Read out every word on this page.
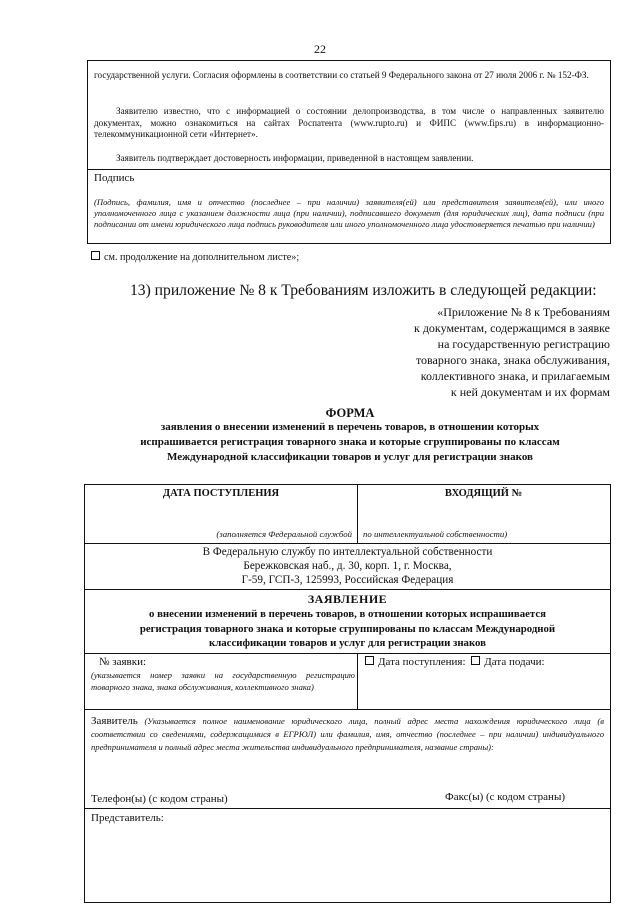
22
государственной услуги. Согласия оформлены в соответствии со статьей 9 Федерального закона от 27 июля 2006 г. № 152-ФЗ.
Заявителю известно, что с информацией о состоянии делопроизводства, в том числе о направленных заявителю документах, можно ознакомиться на сайтах Роспатента (www.rupto.ru) и ФИПС (www.fips.ru) в информационно-телекоммуникационной сети «Интернет».
Заявитель подтверждает достоверность информации, приведенной в настоящем заявлении.
Подпись
(Подпись, фамилия, имя и отчество (последнее – при наличии) заявителя(ей) или представителя заявителя(ей), или иного уполномоченного лица с указанием должности лица (при наличии), подписавшего документ (для юридических лиц), дата подписи (при подписании от имени юридического лица подпись руководителя или иного уполномоченного лица удостоверяется печатью при наличии)
см. продолжение на дополнительном листе»;
13) приложение № 8 к Требованиям изложить в следующей редакции:
«Приложение № 8 к Требованиям
к документам, содержащимся в заявке
на государственную регистрацию
товарного знака, знака обслуживания,
коллективного знака, и прилагаемым
к ней документам и их формам
ФОРМА
заявления о внесении изменений в перечень товаров, в отношении которых
испрашивается регистрация товарного знака и которые сгруппированы по классам
Международной классификации товаров и услуг для регистрации знаков
ДАТА ПОСТУПЛЕНИЯ	ВХОДЯЩИЙ №
(заполняется Федеральной службой по интеллектуальной собственности)
В Федеральную службу по интеллектуальной собственности
Бережковская наб., д. 30, корп. 1, г. Москва,
Г-59, ГСП-3, 125993, Российская Федерация
ЗАЯВЛЕНИЕ
о внесении изменений в перечень товаров, в отношении которых испрашивается
регистрация товарного знака и которые сгруппированы по классам Международной
классификации товаров и услуг для регистрации знаков
№ заявки:
(указывается номер заявки на государственную регистрацию товарного знака, знака обслуживания, коллективного знака)
Дата поступления: Дата подачи:
Заявитель (Указывается полное наименование юридического лица, полный адрес места нахождения юридического лица (в соответствии со сведениями, содержащимися в ЕГРЮЛ) или фамилия, имя, отчество (последнее – при наличии) индивидуального предпринимателя и полный адрес места жительства индивидуального предпринимателя, название страны):
Телефон(ы) (с кодом страны)	Факс(ы) (с кодом страны)
Представитель:
